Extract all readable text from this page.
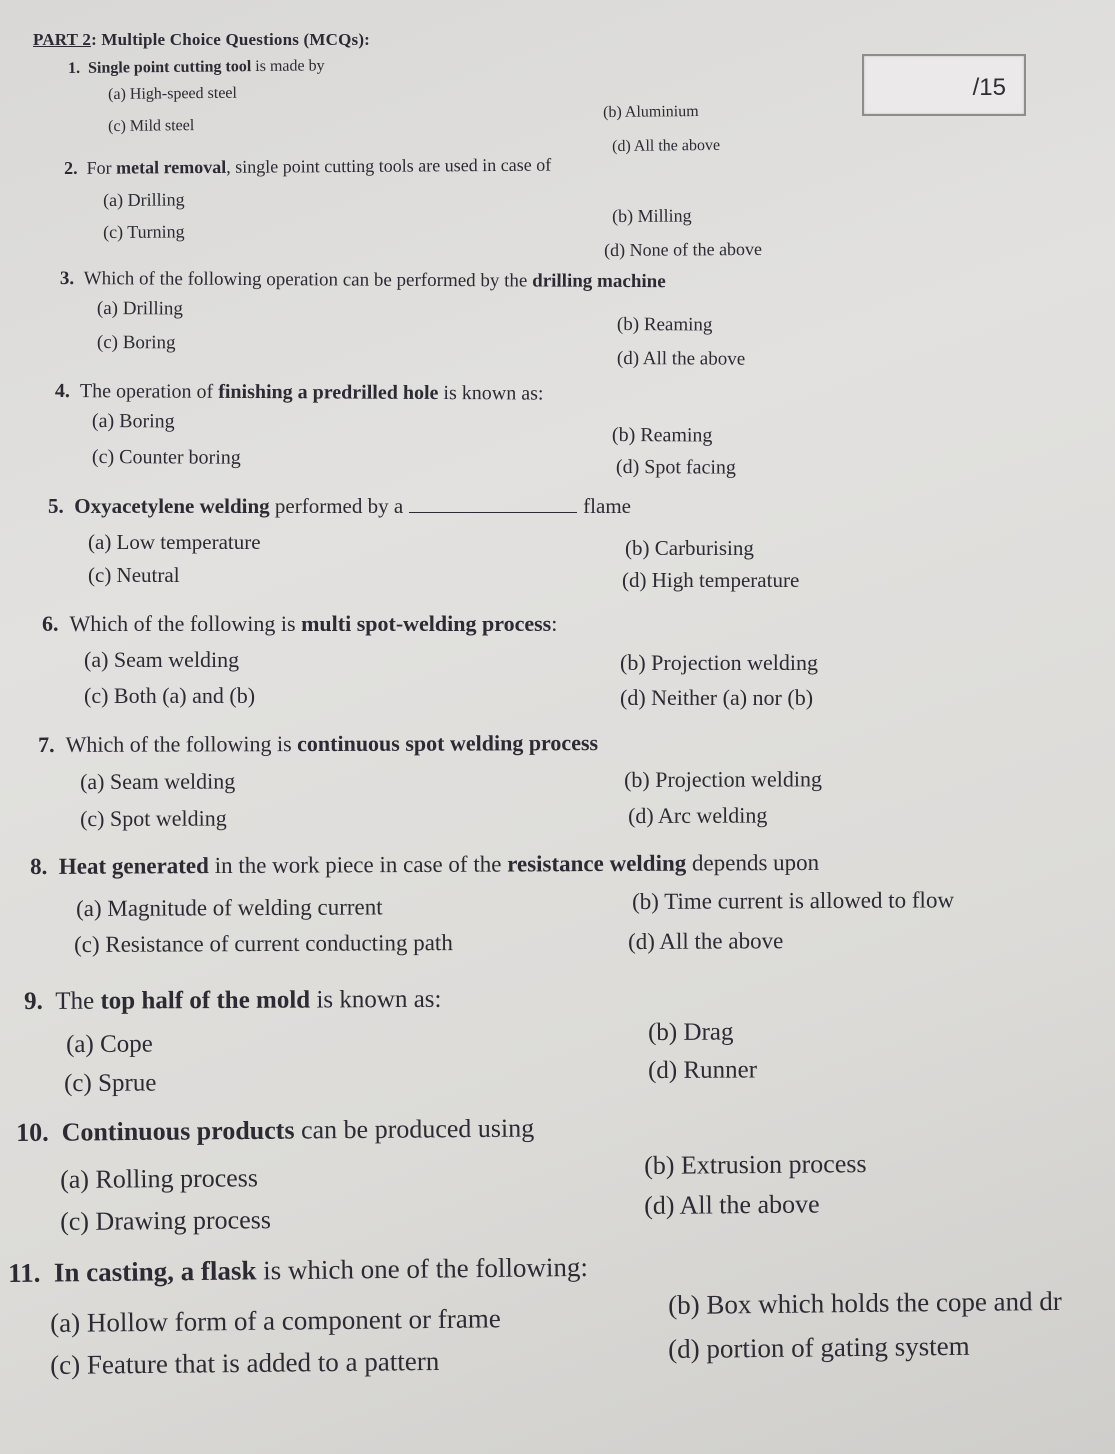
PART 2: Multiple Choice Questions (MCQs):
/15
1. Single point cutting tool is made by
(a) High-speed steel
(b) Aluminium
(c) Mild steel
(d) All the above
2. For metal removal, single point cutting tools are used in case of
(a) Drilling
(b) Milling
(c) Turning
(d) None of the above
3. Which of the following operation can be performed by the drilling machine
(a) Drilling
(b) Reaming
(c) Boring
(d) All the above
4. The operation of finishing a predrilled hole is known as:
(a) Boring
(b) Reaming
(c) Counter boring	(d) Spot facing
5. Oxyacetylene welding performed by a	flame
(a) Low temperature	(b) Carburising
(c) Neutral	(d) High temperature
6. Which of the following is multi spot-welding process:
(a) Seam welding	(b) Projection welding
(c) Both (a) and (b)	(d) Neither (a) nor (b)
7. Which of the following is continuous spot welding process
(a) Seam welding	(b) Projection welding
(c) Spot welding	(d) Arc welding
8. Heat generated in the work piece in case of the resistance welding depends upon
(a) Magnitude of welding current	(b) Time current is allowed to flow
(c) Resistance of current conducting path	(d) All the above
9. The top half of the mold is known as:
(a) Cope	(b) Drag
(c) Sprue	(d) Runner
10. Continuous products can be produced using
(a) Rolling process	(b) Extrusion process
(c) Drawing process
(d) All the above
11. In casting, a flask is which one of the following:
(a) Hollow form of a component or frame
(b) Box which holds the cope and dr
(c) Feature that is added to a pattern	(d) portion of gating system
